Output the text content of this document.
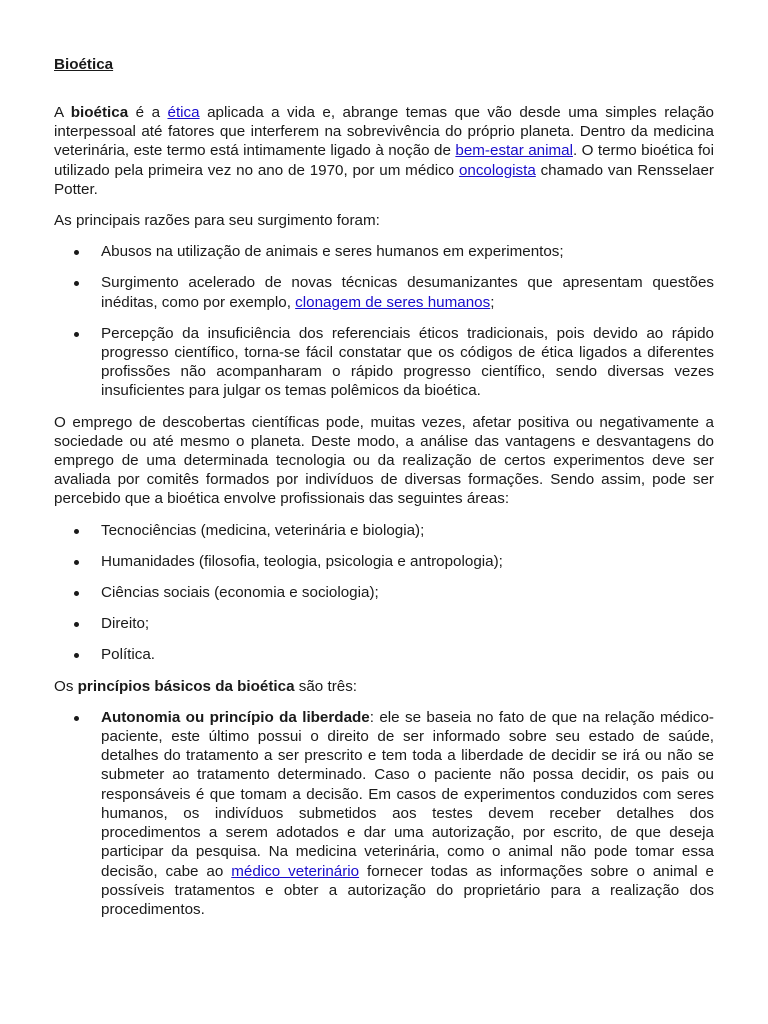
Bioética

A bioética é a ética aplicada a vida e, abrange temas que vão desde uma simples relação interpessoal até fatores que interferem na sobrevivência do próprio planeta. Dentro da medicina veterinária, este termo está intimamente ligado à noção de bem-estar animal. O termo bioética foi utilizado pela primeira vez no ano de 1970, por um médico oncologista chamado van Rensselaer Potter.

As principais razões para seu surgimento foram:

Abusos na utilização de animais e seres humanos em experimentos;
Surgimento acelerado de novas técnicas desumanizantes que apresentam questões inéditas, como por exemplo, clonagem de seres humanos;
Percepção da insuficiência dos referenciais éticos tradicionais, pois devido ao rápido progresso científico, torna-se fácil constatar que os códigos de ética ligados a diferentes profissões não acompanharam o rápido progresso científico, sendo diversas vezes insuficientes para julgar os temas polêmicos da bioética.

O emprego de descobertas científicas pode, muitas vezes, afetar positiva ou negativamente a sociedade ou até mesmo o planeta. Deste modo, a análise das vantagens e desvantagens do emprego de uma determinada tecnologia ou da realização de certos experimentos deve ser avaliada por comitês formados por indivíduos de diversas formações. Sendo assim, pode ser percebido que a bioética envolve profissionais das seguintes áreas:

Tecnociências (medicina, veterinária e biologia);
Humanidades (filosofia, teologia, psicologia e antropologia);
Ciências sociais (economia e sociologia);
Direito;
Política.

Os princípios básicos da bioética são três:

Autonomia ou princípio da liberdade: ele se baseia no fato de que na relação médico-paciente, este último possui o direito de ser informado sobre seu estado de saúde, detalhes do tratamento a ser prescrito e tem toda a liberdade de decidir se irá ou não se submeter ao tratamento determinado. Caso o paciente não possa decidir, os pais ou responsáveis é que tomam a decisão. Em casos de experimentos conduzidos com seres humanos, os indivíduos submetidos aos testes devem receber detalhes dos procedimentos a serem adotados e dar uma autorização, por escrito, de que deseja participar da pesquisa. Na medicina veterinária, como o animal não pode tomar essa decisão, cabe ao médico veterinário fornecer todas as informações sobre o animal e possíveis tratamentos e obter a autorização do proprietário para a realização dos procedimentos.
